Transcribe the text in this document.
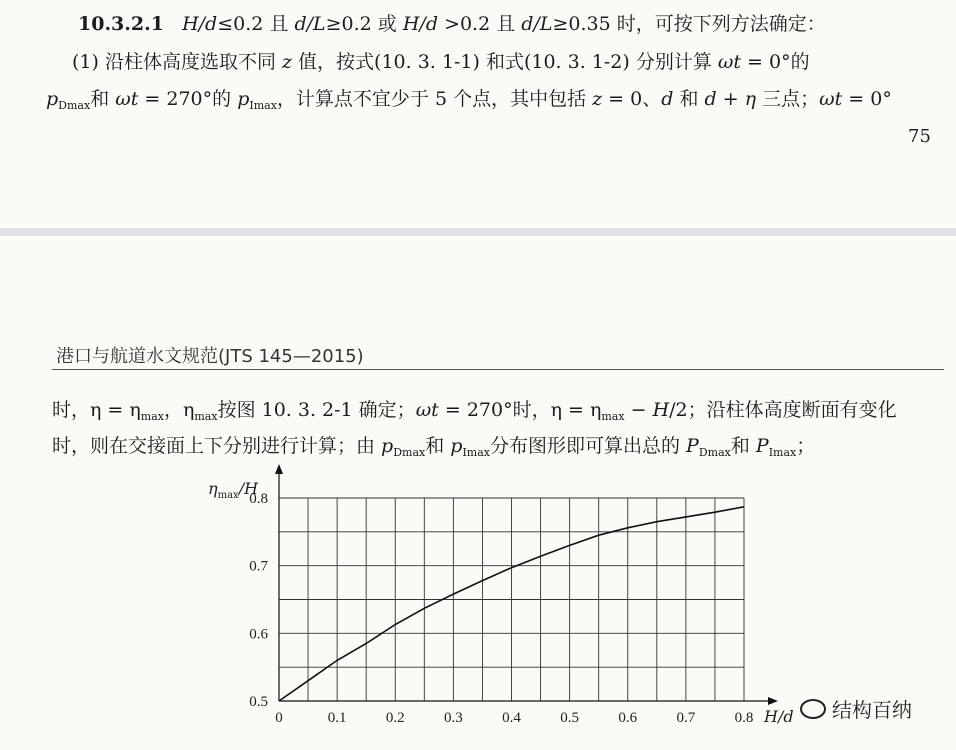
10.3.2.1 H/d≤0.2 且 d/L≥0.2 或 H/d >0.2 且 d/L≥0.35 时，可按下列方法确定：
(1) 沿柱体高度选取不同 z 值，按式(10. 3. 1-1) 和式(10. 3. 1-2) 分别计算 ωt = 0°的
$p_{Dmax}$和 ωt = 270°的 $p_{Imax}$，计算点不宜少于 5 个点，其中包括 z = 0、d 和 d + η 三点；ωt = 0°
75
港口与航道水文规范(JTS 145—2015)
时，$\eta = \eta_{max}$，$\eta_{max}$按图 10. 3. 2-1 确定；ωt = 270°时，$\eta = \eta_{max} - H/2$；沿柱体高度断面有变化
时，则在交接面上下分别进行计算；由 $p_{Dmax}$和 $p_{Imax}$分布图形即可算出总的 $P_{Dmax}$和 $P_{Imax}$；
0	0.1	0.2	0.3	0.4	0.5	0.6	0.7	0.8
0.5
0.6
0.7
0.8
$\eta_{max}/H$
H/d	结构百纳
